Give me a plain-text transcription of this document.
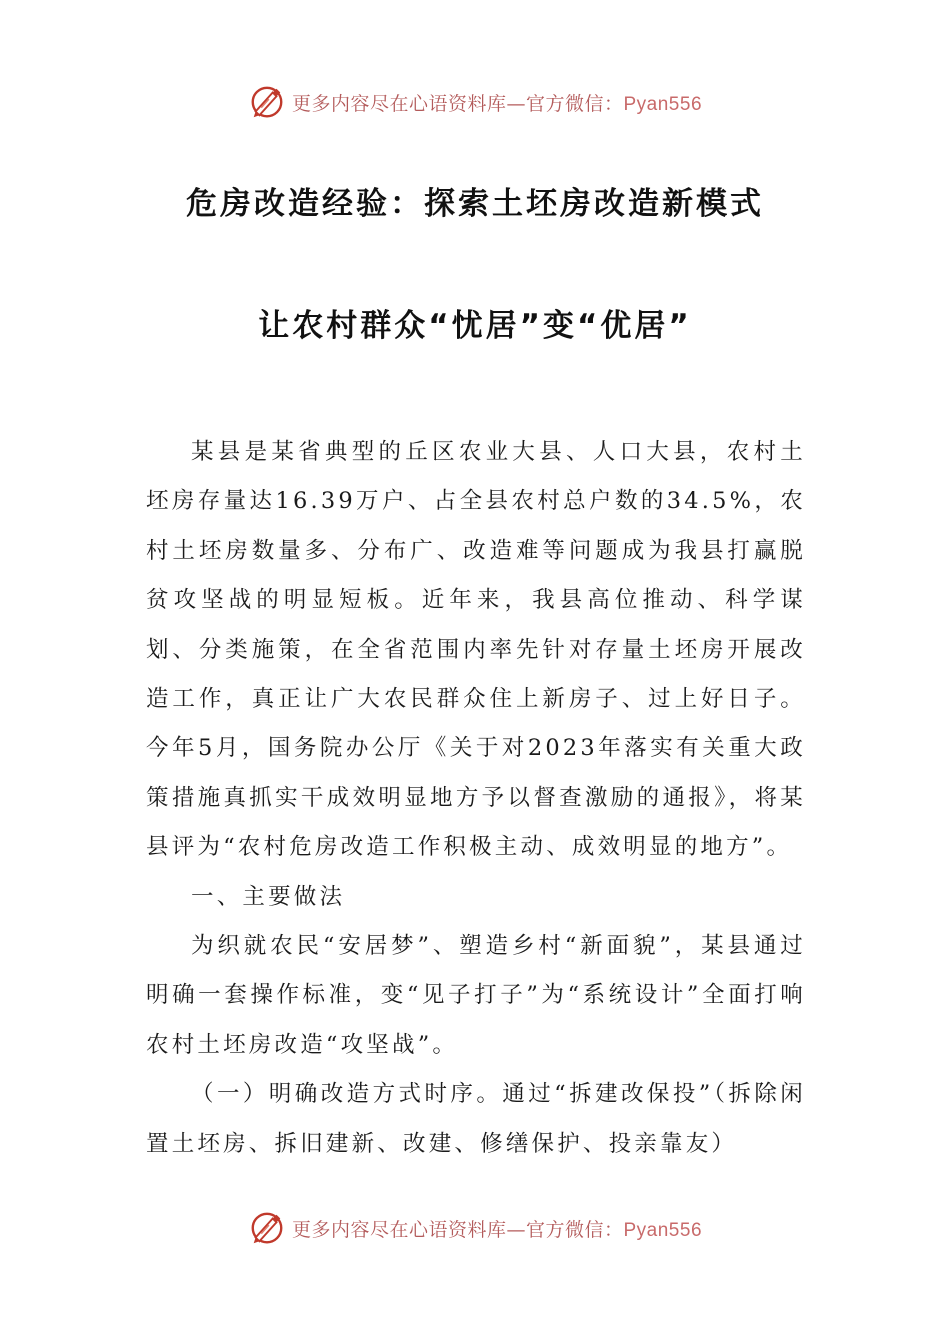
更多内容尽在心语资料库—官方微信：Pyan556
危房改造经验：探索土坯房改造新模式
让农村群众“忧居”变“优居”

某县是某省典型的丘区农业大县、人口大县，农村土坯房存量达16.39万户、占全县农村总户数的34.5%，农村土坯房数量多、分布广、改造难等问题成为我县打赢脱贫攻坚战的明显短板。近年来，我县高位推动、科学谋划、分类施策，在全省范围内率先针对存量土坯房开展改造工作，真正让广大农民群众住上新房子、过上好日子。今年5月，国务院办公厅《关于对2023年落实有关重大政策措施真抓实干成效明显地方予以督查激励的通报》，将某县评为“农村危房改造工作积极主动、成效明显的地方”。

一、主要做法

为织就农民“安居梦”、塑造乡村“新面貌”，某县通过明确一套操作标准，变“见子打子”为“系统设计”全面打响农村土坯房改造“攻坚战”。

（一）明确改造方式时序。通过“拆建改保投”（拆除闲置土坯房、拆旧建新、改建、修缮保护、投亲靠友）

更多内容尽在心语资料库—官方微信：Pyan556
